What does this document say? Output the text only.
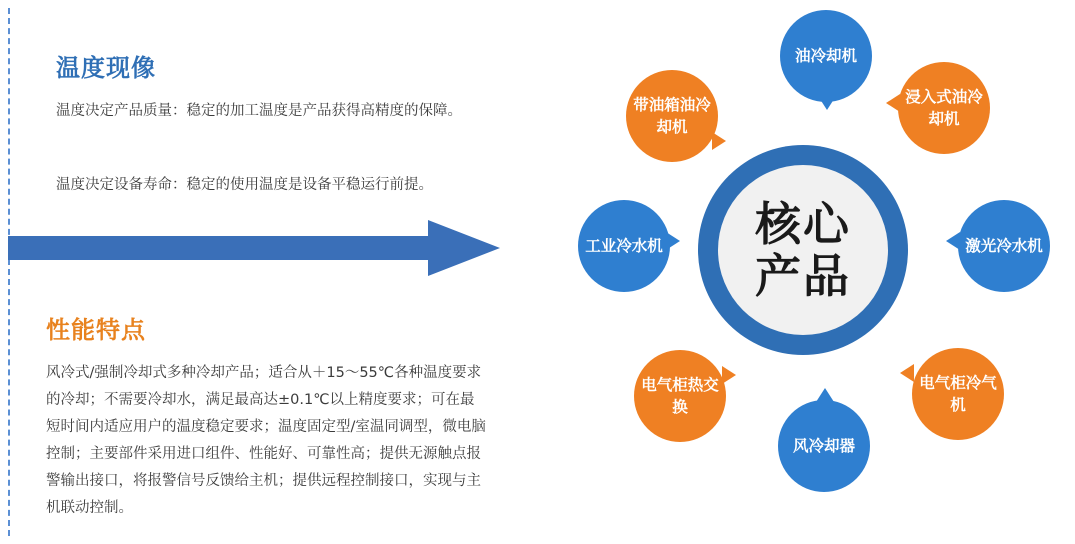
温度现像
温度决定产品质量：稳定的加工温度是产品获得高精度的保障。
温度决定设备寿命：稳定的使用温度是设备平稳运行前提。
性能特点
风冷式/强制冷却式多种冷却产品；适合从＋15～55℃各种温度要求的冷却；不需要冷却水，满足最高达±0.1℃以上精度要求；可在最短时间内适应用户的温度稳定要求；温度固定型/室温同调型，微电脑控制；主要部件采用进口组件、性能好、可靠性高；提供无源触点报警输出接口，将报警信号反馈给主机；提供远程控制接口，实现与主机联动控制。
核心
产品
油冷却机
浸入式油冷却机
激光冷水机
电气柜冷气机
风冷却器
电气柜热交换
工业冷水机
带油箱油冷却机
